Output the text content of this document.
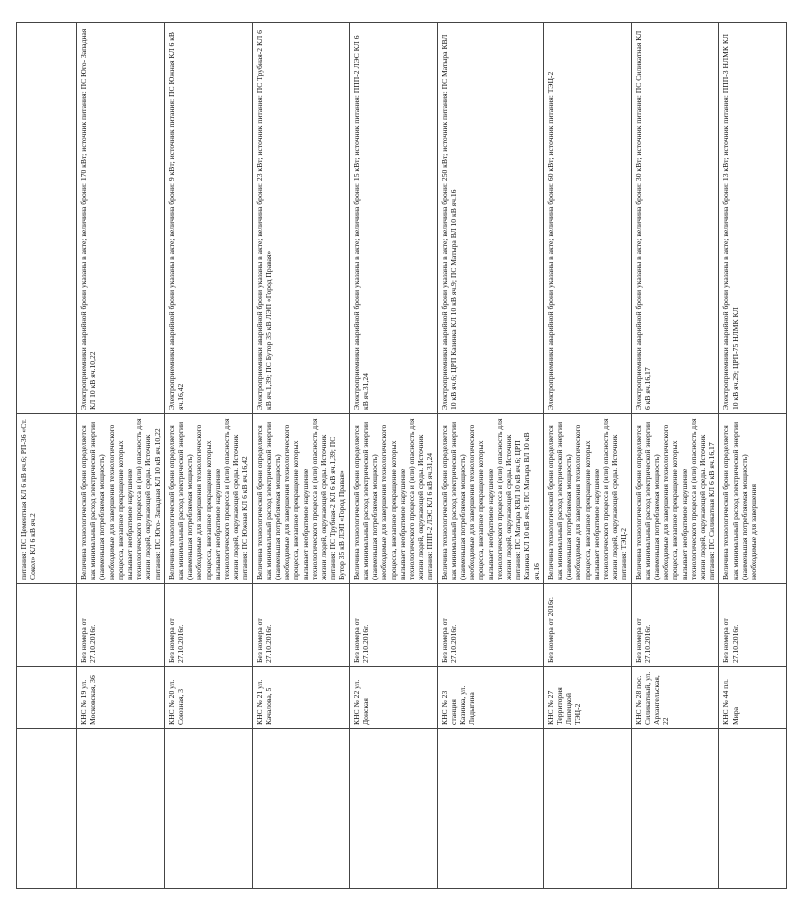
			питания: ПС Цементная КЛ 6 кВ яч.6; РП-36 «Ст. Сокол» КЛ 6 кВ яч.2	
	КНС № 19 ул. Московская, 36	Без номера от 27.10.2016г.	Величина технологической брони определяется как минимальный расход электрической энергии (наименьшая потребляемая мощность) необходимые для завершения технологического процесса, внезапное прекращение которых вызывает необратимое нарушение технологического процесса и (или) опасность для жизни людей, окружающей среды. Источник питания: ПС Юго- Западная КЛ 10 кВ яч.10,22	Электроприемники аварийной брони указаны в акте; величина брони: 170 кВт; источник питания: ПС Юго- Западная КЛ 10 кВ яч.10,22
	КНС № 20 ул. Союзная, 3	Без номера от 27.10.2016г.	Величина технологической брони определяется как минимальный расход электрической энергии (наименьшая потребляемая мощность) необходимые для завершения технологического процесса, внезапное прекращение которых вызывает необратимое нарушение технологического процесса и (или) опасность для жизни людей, окружающей среды. Источник питания: ПС Южная КЛ 6 кВ яч.16,42	Электроприемники аварийной брони указаны в акте; величина брони: 9 кВт; источник питания: ПС Южная КЛ 6 кВ яч.16,42
	КНС № 21 ул. Качалова, 5	Без номера от 27.10.2016г.	Величина технологической брони определяется как минимальный расход электрической энергии (наименьшая потребляемая мощность) необходимые для завершения технологического процесса, внезапное прекращение которых вызывает необратимое нарушение технологического процесса и (или) опасность для жизни людей, окружающей среды. Источник питания: ПС Трубная-2 КЛ 6 кВ яч.1,39; ПС Бутор 35 кВ ЛЭП «Город Правая»	Электроприемники аварийной брони указаны в акте; величина брони: 23 кВт; источник питания: ПС Трубная-2 КЛ 6 кВ яч.1,39; ПС Бутор 35 кВ ЛЭП «Город Правая»
	КНС № 22 ул. Донская	Без номера от 27.10.2016г.	Величина технологической брони определяется как минимальный расход электрической энергии (наименьшая потребляемая мощность) необходимые для завершения технологического процесса, внезапное прекращение которых вызывает необратимое нарушение технологического процесса и (или) опасность для жизни людей, окружающей среды. Источник питания: ППП-2 ЛЭС КЛ 6 кВ яч.31,24	Электроприемники аварийной брони указаны в акте; величина брони: 15 кВт; источник питания: ППП-2 ЛЭС КЛ 6 кВ яч.31,24
	КНС № 23 станция Казинка, ул. Лидыгина	Без номера от 27.10.2016г.	Величина технологической брони определяется как минимальный расход электрической энергии (наименьшая потребляемая мощность) необходимые для завершения технологического процесса, внезапное прекращение которых вызывает необратимое нарушение технологического процесса и (или) опасность для жизни людей, окружающей среды. Источник питания: ПС Матыра КВЛ 10 кВ яч.6; ЦРП Казинка КЛ 10 кВ яч.9; ПС Матыра ВЛ 10 кВ яч.16	Электроприемники аварийной брони указаны в акте; величина брони: 250 кВт; источник питания: ПС Матыра КВЛ 10 кВ яч.6; ЦРП Казинка КЛ 10 кВ яч.9; ПС Матыра ВЛ 10 кВ яч.16
	КНС № 27 Территория Липецкой ТЭЦ-2	Без номера от 2016г.	Величина технологической брони определяется как минимальный расход электрической энергии (наименьшая потребляемая мощность) необходимые для завершения технологического процесса, внезапное прекращение которых вызывает необратимое нарушение технологического процесса и (или) опасность для жизни людей, окружающей среды. Источник питания: ТЭЦ-2	Электроприемники аварийной брони указаны в акте; величина брони: 60 кВт; источник питания: ТЭЦ-2
	КНС № 28 пос. Силикатный, ул. Архангельская, 22	Без номера от 27.10.2016г.	Величина технологической брони определяется как минимальный расход электрической энергии (наименьшая потребляемая мощность) необходимые для завершения технологического процесса, внезапное прекращение которых вызывает необратимое нарушение технологического процесса и (или) опасность для жизни людей, окружающей среды. Источник питания: ПС Силикатная КЛ 6 кВ яч.16,17	Электроприемники аварийной брони указаны в акте; величина брони: 30 кВт; источник питания: ПС Силикатная КЛ 6 кВ яч.16,17
	КНС № 44 пл. Мира	Без номера от 27.10.2016г.	Величина технологической брони определяется как минимальный расход электрической энергии (наименьшая потребляемая мощность) необходимые для завершения	Электроприемники аварийной брони указаны в акте; величина брони: 13 кВт; источник питания: ППП-3 НЛМК КЛ 10 кВ яч.29; ЦРП-75 НЛМК КЛ
